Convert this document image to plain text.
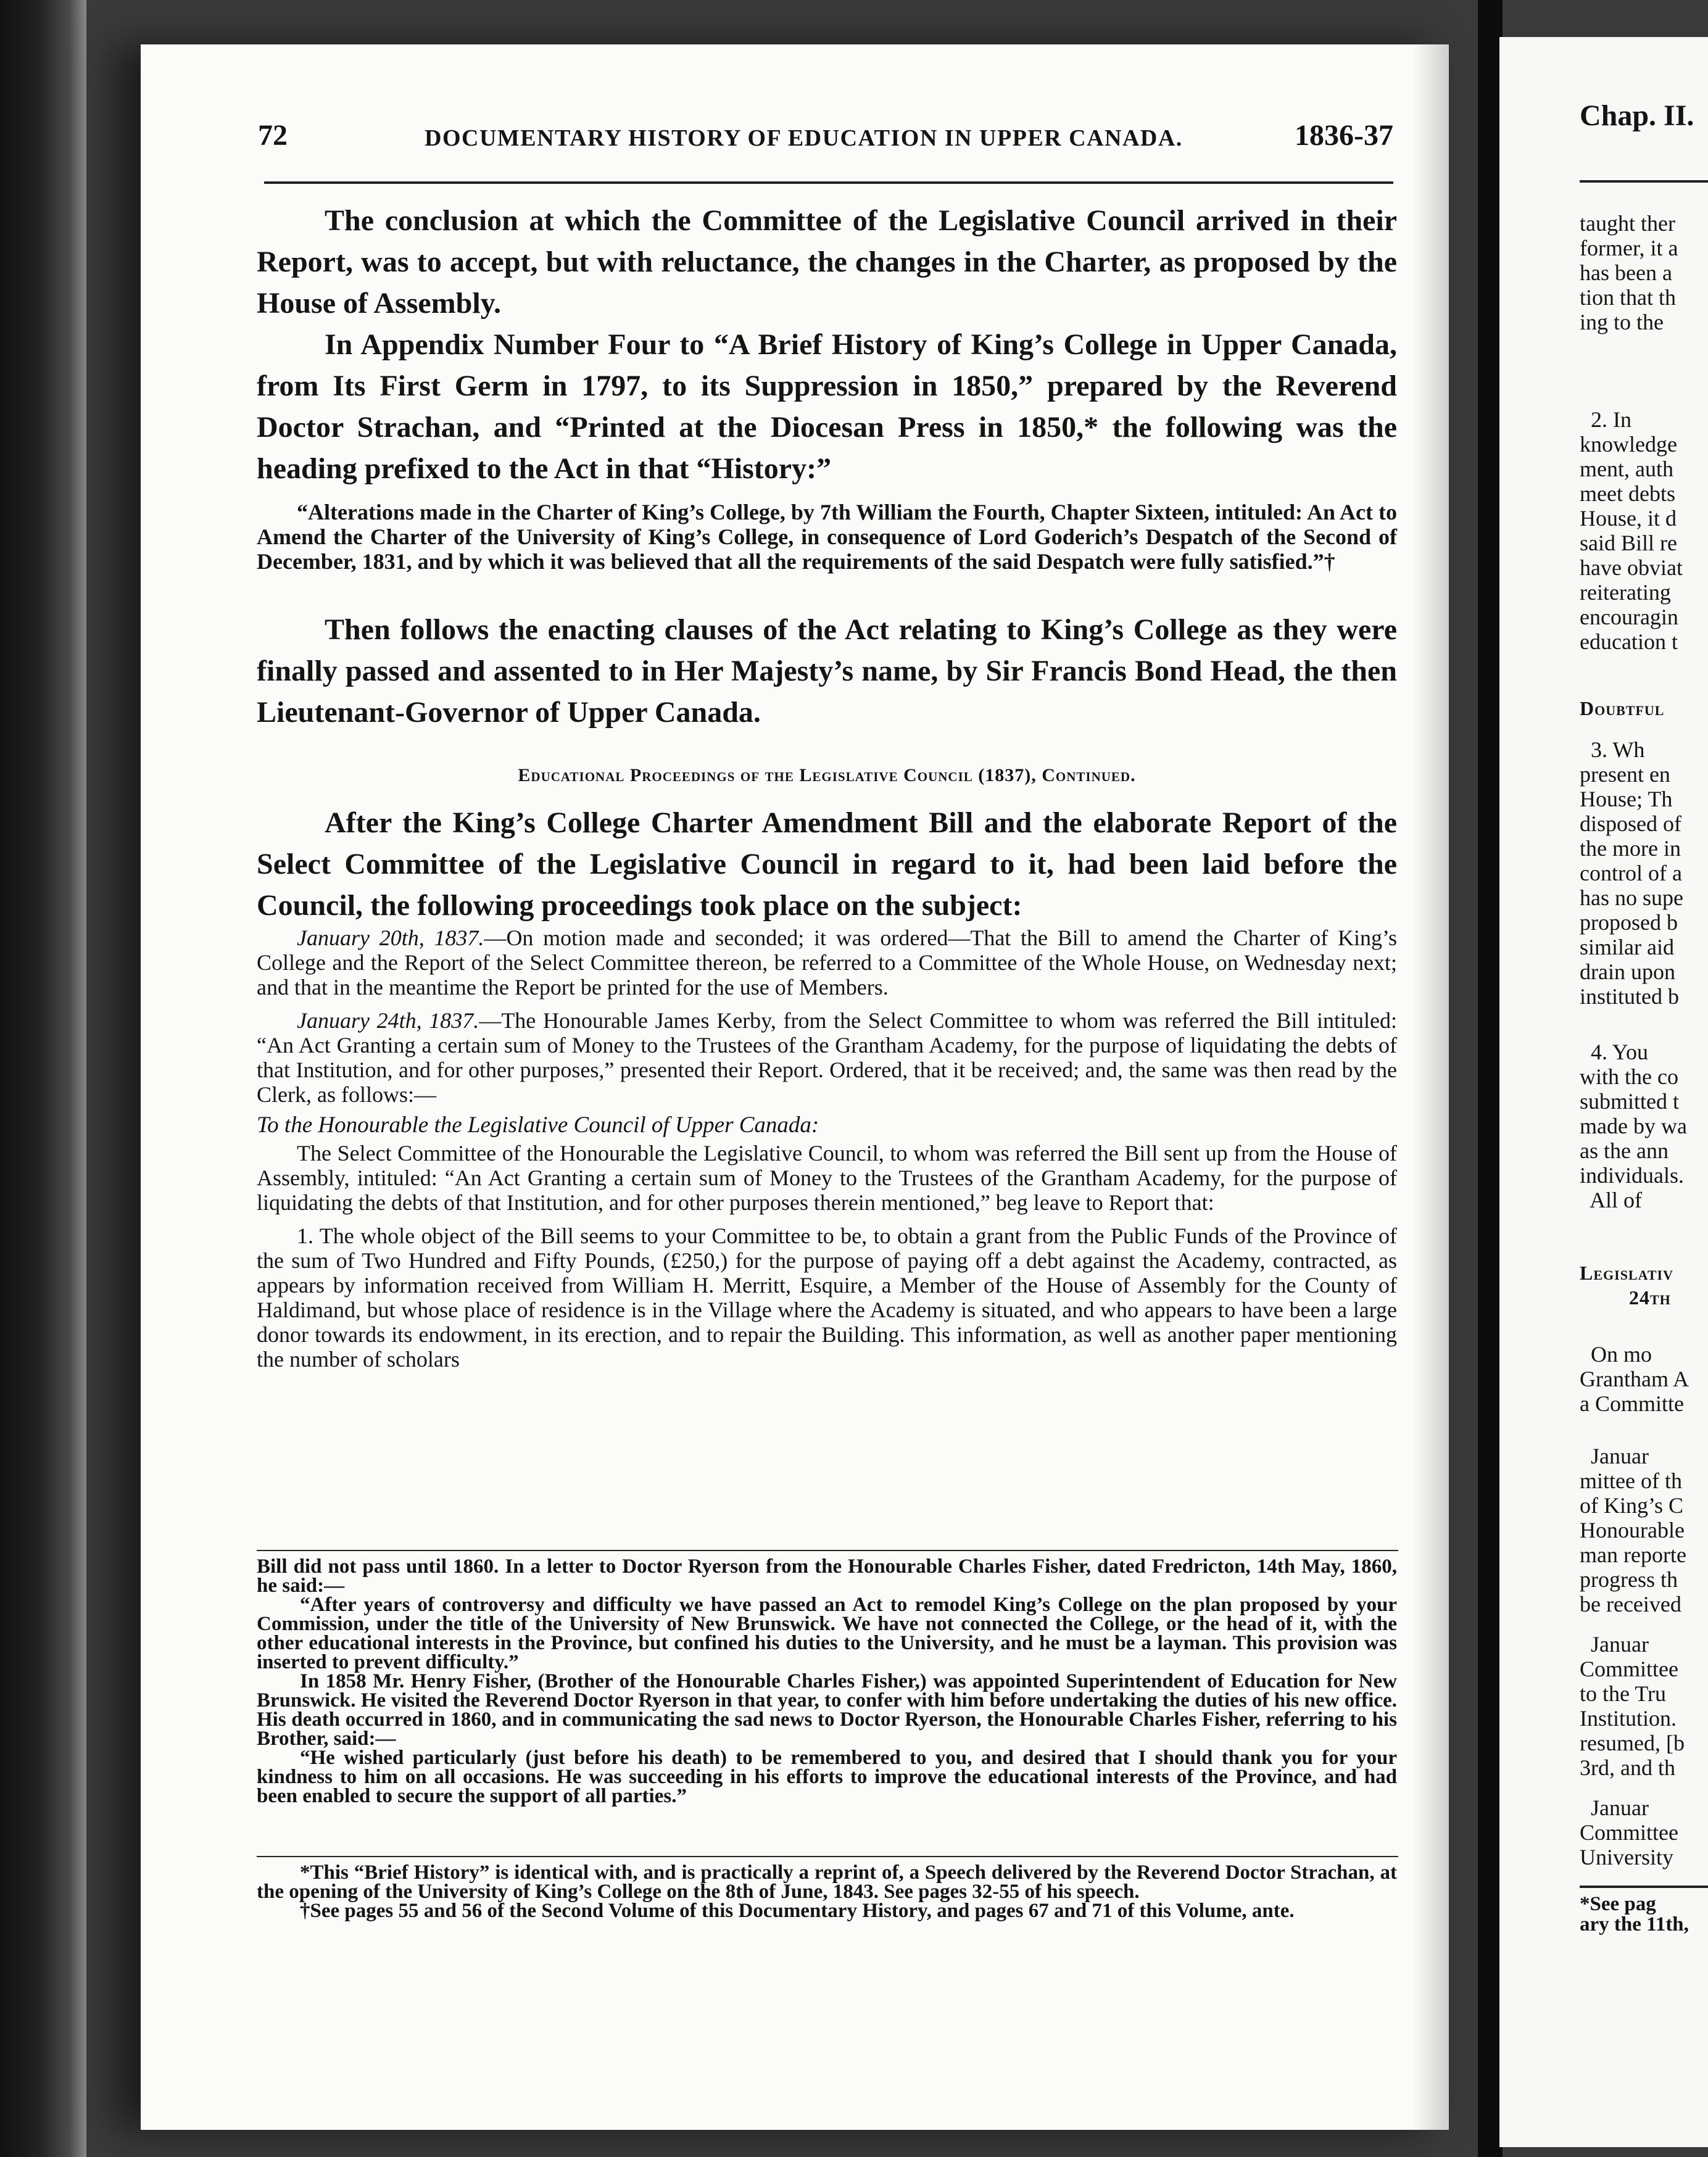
72	DOCUMENTARY HISTORY OF EDUCATION IN UPPER CANADA.	1836-37

The conclusion at which the Committee of the Legislative Council arrived in their Report, was to accept, but with reluctance, the changes in the Charter, as proposed by the House of Assembly.

In Appendix Number Four to “A Brief History of King’s College in Upper Canada, from Its First Germ in 1797, to its Suppression in 1850,” prepared by the Reverend Doctor Strachan, and “Printed at the Diocesan Press in 1850,* the following was the heading prefixed to the Act in that “History:”

“Alterations made in the Charter of King’s College, by 7th William the Fourth, Chapter Sixteen, intituled: An Act to Amend the Charter of the University of King’s College, in consequence of Lord Goderich’s Despatch of the Second of December, 1831, and by which it was believed that all the requirements of the said Despatch were fully satisfied.”†

Then follows the enacting clauses of the Act relating to King’s College as they were finally passed and assented to in Her Majesty’s name, by Sir Francis Bond Head, the then Lieutenant-Governor of Upper Canada.

Educational Proceedings of the Legislative Council (1837), Continued.

After the King’s College Charter Amendment Bill and the elaborate Report of the Select Committee of the Legislative Council in regard to it, had been laid before the Council, the following proceedings took place on the subject:

January 20th, 1837.—On motion made and seconded; it was ordered—That the Bill to amend the Charter of King’s College and the Report of the Select Committee thereon, be referred to a Committee of the Whole House, on Wednesday next; and that in the meantime the Report be printed for the use of Members.

January 24th, 1837.—The Honourable James Kerby, from the Select Committee to whom was referred the Bill intituled: “An Act Granting a certain sum of Money to the Trustees of the Grantham Academy, for the purpose of liquidating the debts of that Institution, and for other purposes,” presented their Report. Ordered, that it be received; and, the same was then read by the Clerk, as follows:—

To the Honourable the Legislative Council of Upper Canada:

The Select Committee of the Honourable the Legislative Council, to whom was referred the Bill sent up from the House of Assembly, intituled: “An Act Granting a certain sum of Money to the Trustees of the Grantham Academy, for the purpose of liquidating the debts of that Institution, and for other purposes therein mentioned,” beg leave to Report that:

1. The whole object of the Bill seems to your Committee to be, to obtain a grant from the Public Funds of the Province of the sum of Two Hundred and Fifty Pounds, (£250,) for the purpose of paying off a debt against the Academy, contracted, as appears by information received from William H. Merritt, Esquire, a Member of the House of Assembly for the County of Haldimand, but whose place of residence is in the Village where the Academy is situated, and who appears to have been a large donor towards its endowment, in its erection, and to repair the Building. This information, as well as another paper mentioning the number of scholars

Bill did not pass until 1860. In a letter to Doctor Ryerson from the Honourable Charles Fisher, dated Fredricton, 14th May, 1860, he said:—

“After years of controversy and difficulty we have passed an Act to remodel King’s College on the plan proposed by your Commission, under the title of the University of New Brunswick. We have not connected the College, or the head of it, with the other educational interests in the Province, but confined his duties to the University, and he must be a layman. This provision was inserted to prevent difficulty.”

In 1858 Mr. Henry Fisher, (Brother of the Honourable Charles Fisher,) was appointed Superintendent of Education for New Brunswick. He visited the Reverend Doctor Ryerson in that year, to confer with him before undertaking the duties of his new office. His death occurred in 1860, and in communicating the sad news to Doctor Ryerson, the Honourable Charles Fisher, referring to his Brother, said:—

“He wished particularly (just before his death) to be remembered to you, and desired that I should thank you for your kindness to him on all occasions. He was succeeding in his efforts to improve the educational interests of the Province, and had been enabled to secure the support of all parties.”

*This “Brief History” is identical with, and is practically a reprint of, a Speech delivered by the Reverend Doctor Strachan, at the opening of the University of King’s College on the 8th of June, 1843. See pages 32-55 of his speech.

†See pages 55 and 56 of the Second Volume of this Documentary History, and pages 67 and 71 of this Volume, ante.

Chap. II.

taught ther
former, it a
has been a
tion that th
ing to the

2. In
knowledge
ment, auth
meet debts
House, it d
said Bill re
have obviat
reiterating
encouragin
education t

Doubtful

3. Wh
present en
House; Th
disposed of
the more in
control of a
has no supe
proposed b
similar aid
drain upon
instituted b

4. You
with the co
submitted t
made by wa
as the ann
individuals.
All of

Legislativ

24th

On mo
Grantham A
a Committe

Januar
mittee of th
of King’s C
Honourable
man reporte
progress th
be received

Januar
Committee
to the Tru
Institution.
resumed, [b
3rd, and th

Januar
Committee
University

*See pag
ary the 11th,
